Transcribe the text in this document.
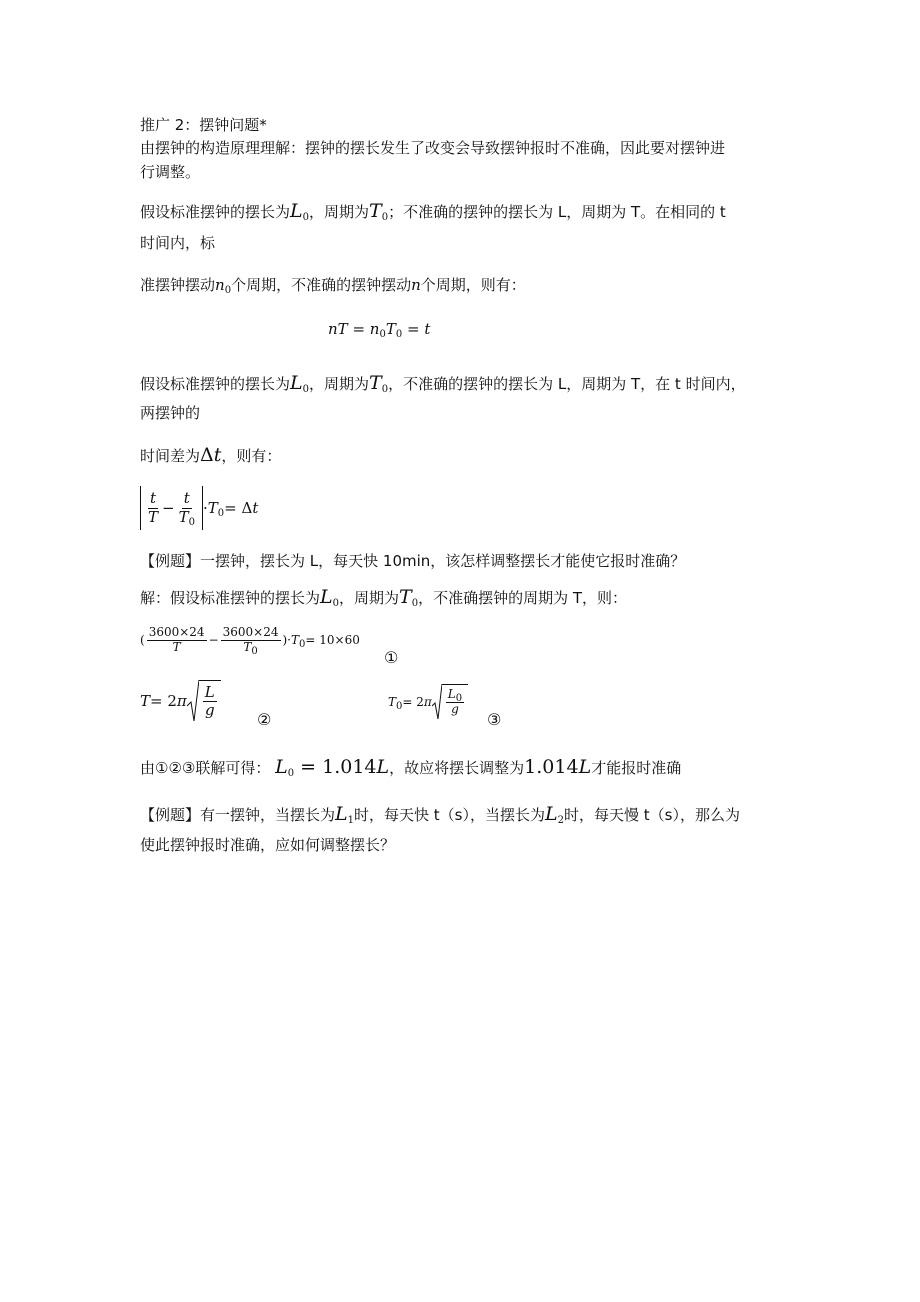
推广 2：摆钟问题*
由摆钟的构造原理理解：摆钟的摆长发生了改变会导致摆钟报时不准确，因此要对摆钟进
行调整。
假设标准摆钟的摆长为L0，周期为T0；不准确的摆钟的摆长为 L，周期为 T。在相同的 t
时间内，标
准摆钟摆动$n_0$个周期，不准确的摆钟摆动n个周期，则有：
nT = $n_0T_0 = t$
假设标准摆钟的摆长为L0，周期为T0，不准确的摆钟的摆长为 L，周期为 T，在 t 时间内，
两摆钟的
时间差为Δt，则有：
$\frac{t}{T} - \frac{t}{T_0} \cdot T_0 = \Delta$ t
【例题】一摆钟，摆长为 L，每天快 10min，该怎样调整摆长才能使它报时准确？
解：假设标准摆钟的摆长为L0，周期为T0，不准确摆钟的周期为 T，则：
( $\frac{3600\times 24}{T} - \frac{3600\times 24}{T_0}$ )· $T_0 = 10\times 60$
①
T = 2 π $\frac{L}{g}$
②
$T_0 = 2$ π $\frac{L_0}{g}$
③
由①②③联解可得： L0 = 1.014L，故应将摆长调整为1.014L才能报时准确
【例题】有一摆钟，当摆长为L1时，每天快 t（s），当摆长为L2时，每天慢 t（s），那么为
使此摆钟报时准确，应如何调整摆长？
